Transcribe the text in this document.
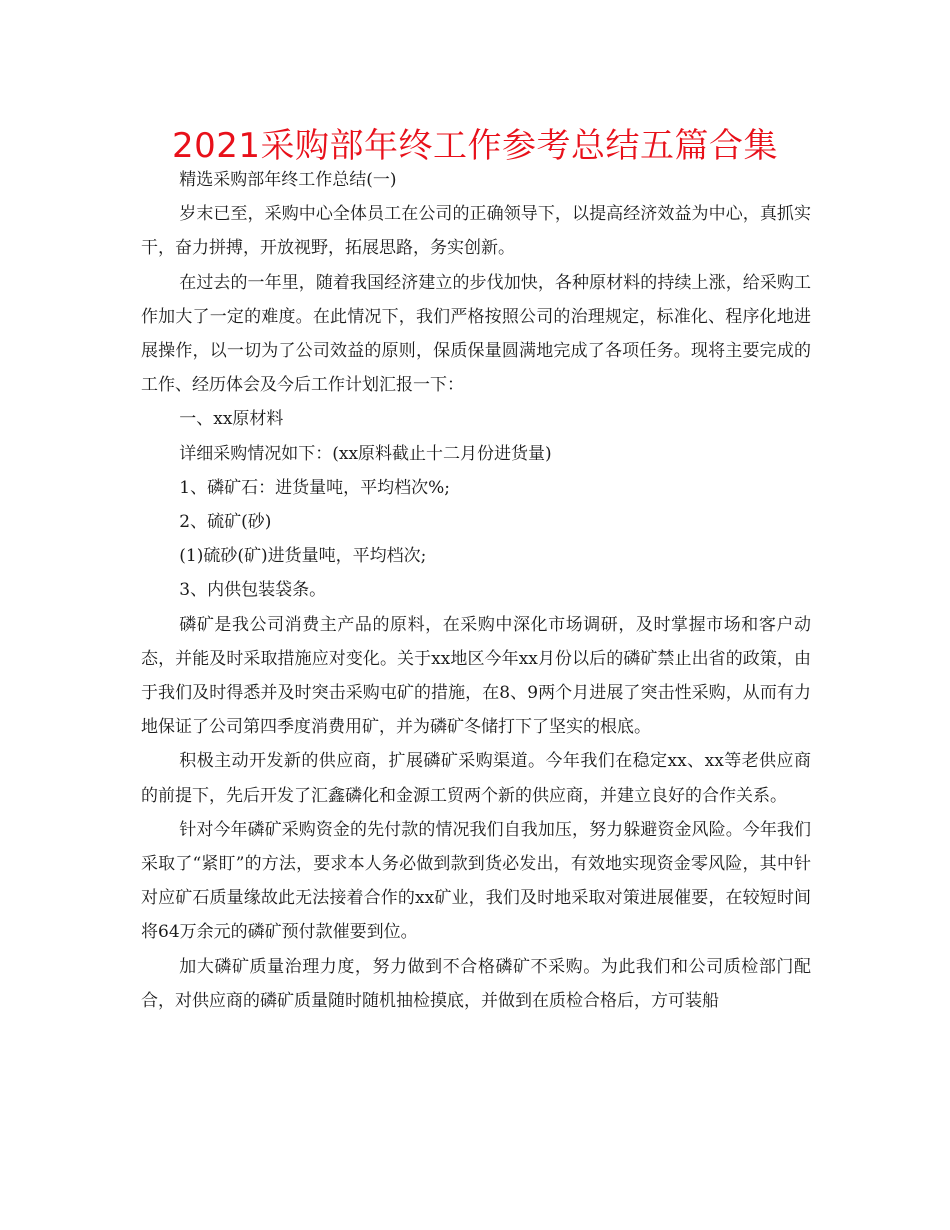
2021采购部年终工作参考总结五篇合集

精选采购部年终工作总结(一)

岁末已至，采购中心全体员工在公司的正确领导下，以提高经济效益为中心，真抓实干，奋力拼搏，开放视野，拓展思路，务实创新。

在过去的一年里，随着我国经济建立的步伐加快，各种原材料的持续上涨，给采购工作加大了一定的难度。在此情况下，我们严格按照公司的治理规定，标准化、程序化地进展操作，以一切为了公司效益的原则，保质保量圆满地完成了各项任务。现将主要完成的工作、经历体会及今后工作计划汇报一下：

一、xx原材料

详细采购情况如下：(xx原料截止十二月份进货量)

1、磷矿石：进货量吨，平均档次%;

2、硫矿(砂)

(1)硫砂(矿)进货量吨，平均档次;

3、内供包装袋条。

磷矿是我公司消费主产品的原料，在采购中深化市场调研，及时掌握市场和客户动态，并能及时采取措施应对变化。关于xx地区今年xx月份以后的磷矿禁止出省的政策，由于我们及时得悉并及时突击采购屯矿的措施，在8、9两个月进展了突击性采购，从而有力地保证了公司第四季度消费用矿，并为磷矿冬储打下了坚实的根底。

积极主动开发新的供应商，扩展磷矿采购渠道。今年我们在稳定xx、xx等老供应商的前提下，先后开发了汇鑫磷化和金源工贸两个新的供应商，并建立良好的合作关系。

针对今年磷矿采购资金的先付款的情况我们自我加压，努力躲避资金风险。今年我们采取了“紧盯”的方法，要求本人务必做到款到货必发出，有效地实现资金零风险，其中针对应矿石质量缘故此无法接着合作的xx矿业，我们及时地采取对策进展催要，在较短时间将64万余元的磷矿预付款催要到位。

加大磷矿质量治理力度，努力做到不合格磷矿不采购。为此我们和公司质检部门配合，对供应商的磷矿质量随时随机抽检摸底，并做到在质检合格后，方可装船
